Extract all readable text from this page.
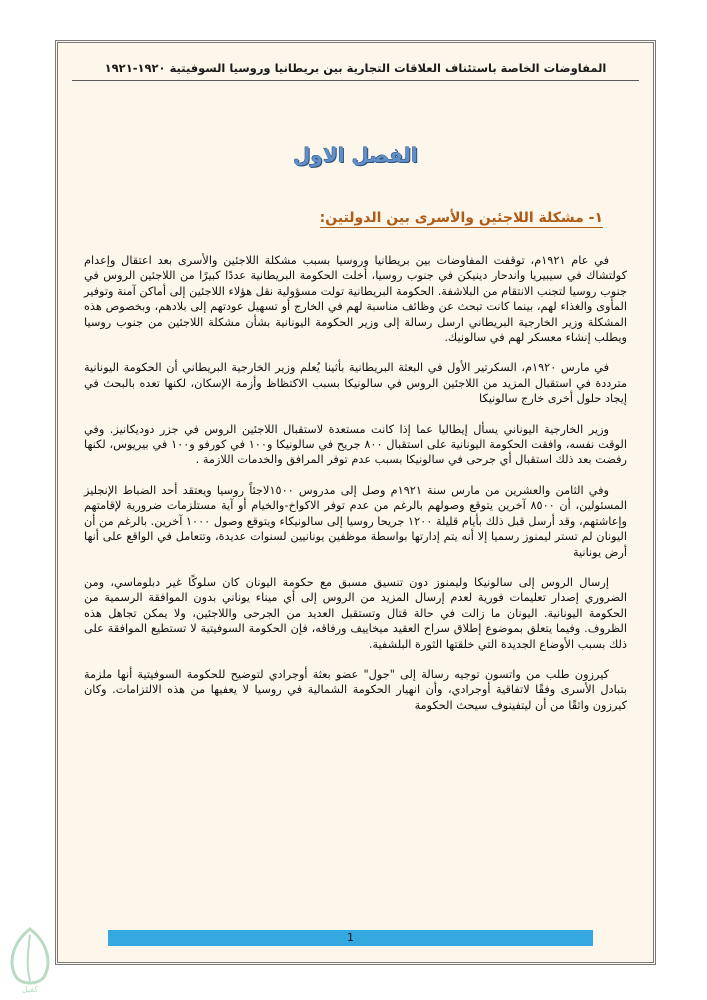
المفاوضات الخاصة باستئناف العلاقات التجارية بين بريطانيا وروسيا السوفيتية ١٩٢٠-١٩٢١
الفصل الاول
١- مشكلة اللاجئين والأسرى بين الدولتين:

في عام ١٩٢١م، توقفت المفاوضات بين بريطانيا وروسيا بسبب مشكلة اللاجئين والأسرى بعد اعتقال وإعدام كولتشاك في سيبيريا واندحار دينيكن في جنوب روسيا، أخلت الحكومة البريطانية عددًا كبيرًا من اللاجئين الروس في جنوب روسيا لتجنب الانتقام من البلاشفة. الحكومة البريطانية تولت مسؤولية نقل هؤلاء اللاجئين إلى أماكن آمنة وتوفير المأوى والغذاء لهم، بينما كانت تبحث عن وظائف مناسبة لهم في الخارج أو تسهيل عودتهم إلى بلادهم، وبخصوص هذه المشكلة وزير الخارجية البريطاني ارسل رسالة إلى وزير الحكومة اليونانية بشأن مشكلة اللاجئين من جنوب روسيا ويطلب إنشاء معسكر لهم في سالونيك.

في مارس ١٩٢٠م، السكرتير الأول في البعثة البريطانية بأثينا يُعلم وزير الخارجية البريطاني أن الحكومة اليونانية مترددة في استقبال المزيد من اللاجئين الروس في سالونيكا بسبب الاكتظاظ وأزمة الإسكان، لكنها تعده بالبحث في إيجاد حلول أخرى خارج سالونيكا

وزير الخارجية اليوناني يسأل إيطاليا عما إذا كانت مستعدة لاستقبال اللاجئين الروس في جزر دوديكانيز. وفي الوقت نفسه، وافقت الحكومة اليونانية على استقبال ٨٠٠ جريح في سالونيكا و١٠٠ في كورفو و١٠٠ في بيريوس، لكنها رفضت بعد ذلك استقبال أي جرحى في سالونيكا بسبب عدم توفر المرافق والخدمات اللازمة .

وفي الثامن والعشرين من مارس سنة ١٩٢١م وصل إلى مدروس ١٥٠٠لاجئاً روسيا ويعتقد أحد الضباط الإنجليز المسئولين، أن ٨٥٠٠ آخرين يتوقع وصولهم بالرغم من عدم توفر الاكواخ-والخيام أو آية مستلزمات ضرورية لإقامتهم وإعاشتهم، وقد أرسل قبل ذلك بأيام قليلة ١٢٠٠ جريحا روسيا إلى سالونيكاء ويتوقع وصول ١٠٠٠ آخرين. بالرغم من أن اليونان لم تستر ليمنوز رسميا إلا أنه يتم إدارتها بواسطة موظفين يونانيين لسنوات عديدة، وتتعامل في الواقع على أنها أرض يونانية

إرسال الروس إلى سالونيكا وليمنوز دون تنسيق مسبق مع حكومة اليونان كان سلوكًا غير دبلوماسي، ومن الضروري إصدار تعليمات فورية لعدم إرسال المزيد من الروس إلى أي ميناء يوناني بدون الموافقة الرسمية من الحكومة اليونانية. اليونان ما زالت في حالة قتال وتستقبل العديد من الجرحى واللاجئين، ولا يمكن تجاهل هذه الظروف. وفيما يتعلق بموضوع إطلاق سراح العقيد ميخاييف ورفاقه، فإن الحكومة السوفيتية لا تستطيع الموافقة على ذلك بسبب الأوضاع الجديدة التي خلقتها الثورة البلشفية.

كيرزون طلب من واتسون توجيه رسالة إلى "جول" عضو بعثة أوجرادي لتوضيح للحكومة السوفيتية أنها ملزمة بتبادل الأسرى وفقًا لاتفاقية أوجرادي، وأن انهيار الحكومة الشمالية في روسيا لا يعفيها من هذه الالتزامات. وكان كيرزون واثقًا من أن ليتفينوف سيحث الحكومة

1
كفيل
